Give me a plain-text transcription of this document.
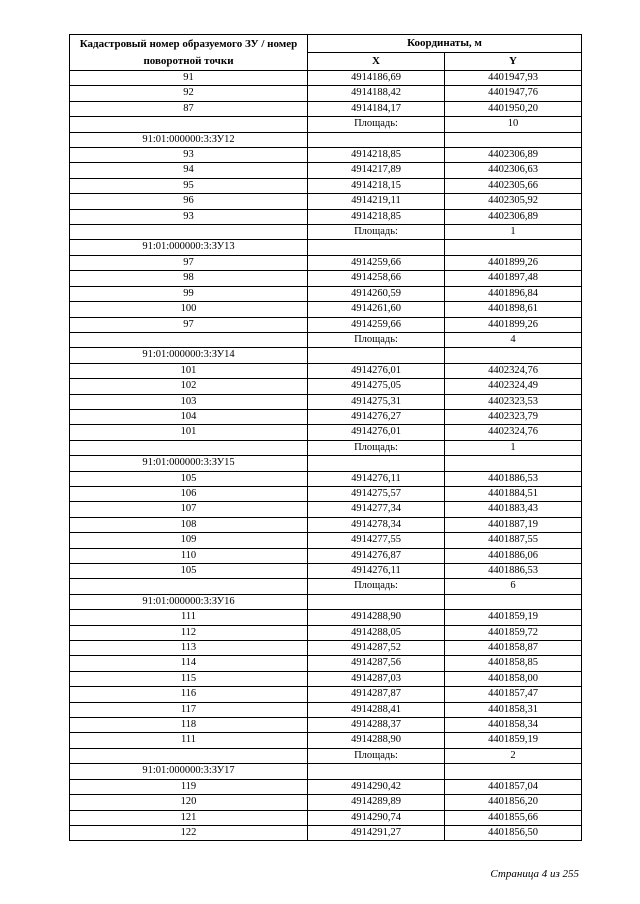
Кадастровый номер образуемого ЗУ / номер поворотной точки	Координаты, м	
	X	Y
91	4914186,69	4401947,93
92	4914188,42	4401947,76
87	4914184,17	4401950,20
	Площадь:	10
91:01:000000:3:ЗУ12		
93	4914218,85	4402306,89
94	4914217,89	4402306,63
95	4914218,15	4402305,66
96	4914219,11	4402305,92
93	4914218,85	4402306,89
	Площадь:	1
91:01:000000:3:ЗУ13		
97	4914259,66	4401899,26
98	4914258,66	4401897,48
99	4914260,59	4401896,84
100	4914261,60	4401898,61
97	4914259,66	4401899,26
	Площадь:	4
91:01:000000:3:ЗУ14		
101	4914276,01	4402324,76
102	4914275,05	4402324,49
103	4914275,31	4402323,53
104	4914276,27	4402323,79
101	4914276,01	4402324,76
	Площадь:	1
91:01:000000:3:ЗУ15		
105	4914276,11	4401886,53
106	4914275,57	4401884,51
107	4914277,34	4401883,43
108	4914278,34	4401887,19
109	4914277,55	4401887,55
110	4914276,87	4401886,06
105	4914276,11	4401886,53
	Площадь:	6
91:01:000000:3:ЗУ16		
111	4914288,90	4401859,19
112	4914288,05	4401859,72
113	4914287,52	4401858,87
114	4914287,56	4401858,85
115	4914287,03	4401858,00
116	4914287,87	4401857,47
117	4914288,41	4401858,31
118	4914288,37	4401858,34
111	4914288,90	4401859,19
	Площадь:	2
91:01:000000:3:ЗУ17		
119	4914290,42	4401857,04
120	4914289,89	4401856,20
121	4914290,74	4401855,66
122	4914291,27	4401856,50
Страница 4 из 255
